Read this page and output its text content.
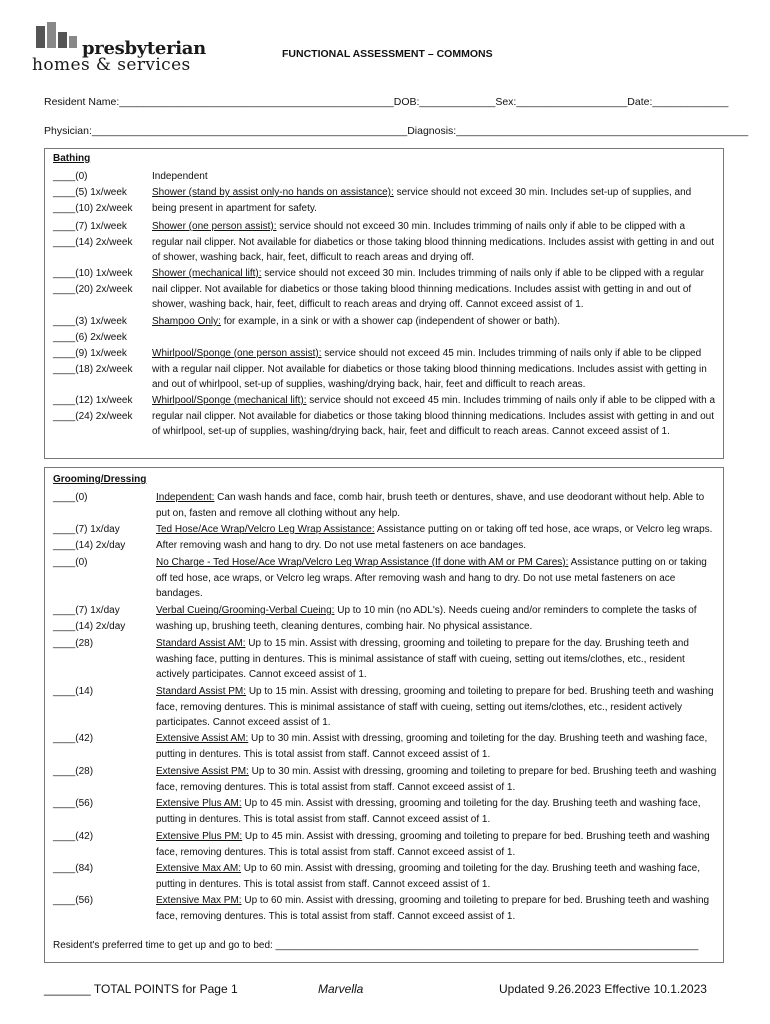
presbyterian
homes & services
FUNCTIONAL ASSESSMENT – COMMONS
Resident Name:_______________________________________________DOB:_____________Sex:___________________Date:_____________
Physician:______________________________________________________Diagnosis:__________________________________________________
Bathing
____(0)	Independent
____(5) 1x/week
____(10) 2x/week
Shower (stand by assist only-no hands on assistance): service should not exceed 30 min. Includes set-up of supplies, and being present in apartment for safety.
____(7) 1x/week
____(14) 2x/week
Shower (one person assist): service should not exceed 30 min. Includes trimming of nails only if able to be clipped with a regular nail clipper. Not available for diabetics or those taking blood thinning medications. Includes assist with getting in and out of shower, washing back, hair, feet, difficult to reach areas and drying off.
____(10) 1x/week
____(20) 2x/week
Shower (mechanical lift): service should not exceed 30 min. Includes trimming of nails only if able to be clipped with a regular nail clipper. Not available for diabetics or those taking blood thinning medications. Includes assist with getting in and out of shower, washing back, hair, feet, difficult to reach areas and drying off. Cannot exceed assist of 1.
____(3) 1x/week
____(6) 2x/week
Shampoo Only: for example, in a sink or with a shower cap (independent of shower or bath).
____(9) 1x/week
____(18) 2x/week
Whirlpool/Sponge (one person assist): service should not exceed 45 min. Includes trimming of nails only if able to be clipped with a regular nail clipper. Not available for diabetics or those taking blood thinning medications. Includes assist with getting in and out of whirlpool, set-up of supplies, washing/drying back, hair, feet and difficult to reach areas.
____(12) 1x/week
____(24) 2x/week
Whirlpool/Sponge (mechanical lift): service should not exceed 45 min. Includes trimming of nails only if able to be clipped with a regular nail clipper. Not available for diabetics or those taking blood thinning medications. Includes assist with getting in and out of whirlpool, set-up of supplies, washing/drying back, hair, feet and difficult to reach areas. Cannot exceed assist of 1.
Grooming/Dressing
____(0)	Independent: Can wash hands and face, comb hair, brush teeth or dentures, shave, and use deodorant without help. Able to put on, fasten and remove all clothing without any help.
____(7) 1x/day
____(14) 2x/day
Ted Hose/Ace Wrap/Velcro Leg Wrap Assistance: Assistance putting on or taking off ted hose, ace wraps, or Velcro leg wraps. After removing wash and hang to dry. Do not use metal fasteners on ace bandages.
____(0)	No Charge - Ted Hose/Ace Wrap/Velcro Leg Wrap Assistance (If done with AM or PM Cares): Assistance putting on or taking off ted hose, ace wraps, or Velcro leg wraps. After removing wash and hang to dry. Do not use metal fasteners on ace bandages.
____(7) 1x/day
____(14) 2x/day
Verbal Cueing/Grooming-Verbal Cueing: Up to 10 min (no ADL's). Needs cueing and/or reminders to complete the tasks of washing up, brushing teeth, cleaning dentures, combing hair. No physical assistance.
____(28)	Standard Assist AM: Up to 15 min. Assist with dressing, grooming and toileting to prepare for the day. Brushing teeth and washing face, putting in dentures. This is minimal assistance of staff with cueing, setting out items/clothes, etc., resident actively participates. Cannot exceed assist of 1.
____(14)	Standard Assist PM: Up to 15 min. Assist with dressing, grooming and toileting to prepare for bed. Brushing teeth and washing face, removing dentures. This is minimal assistance of staff with cueing, setting out items/clothes, etc., resident actively participates. Cannot exceed assist of 1.
____(42)	Extensive Assist AM: Up to 30 min. Assist with dressing, grooming and toileting for the day. Brushing teeth and washing face, putting in dentures. This is total assist from staff. Cannot exceed assist of 1.
____(28)	Extensive Assist PM: Up to 30 min. Assist with dressing, grooming and toileting to prepare for bed. Brushing teeth and washing face, removing dentures. This is total assist from staff. Cannot exceed assist of 1.
____(56)	Extensive Plus AM: Up to 45 min. Assist with dressing, grooming and toileting for the day. Brushing teeth and washing face, putting in dentures. This is total assist from staff. Cannot exceed assist of 1.
____(42)	Extensive Plus PM: Up to 45 min. Assist with dressing, grooming and toileting to prepare for bed. Brushing teeth and washing face, removing dentures. This is total assist from staff. Cannot exceed assist of 1.
____(84)	Extensive Max AM: Up to 60 min. Assist with dressing, grooming and toileting for the day. Brushing teeth and washing face, putting in dentures. This is total assist from staff. Cannot exceed assist of 1.
____(56)	Extensive Max PM: Up to 60 min. Assist with dressing, grooming and toileting to prepare for bed. Brushing teeth and washing face, removing dentures. This is total assist from staff. Cannot exceed assist of 1.
Resident's preferred time to get up and go to bed: ____________________________________________________________________________
_______ TOTAL POINTS for Page 1	Marvella	Updated 9.26.2023 Effective 10.1.2023
